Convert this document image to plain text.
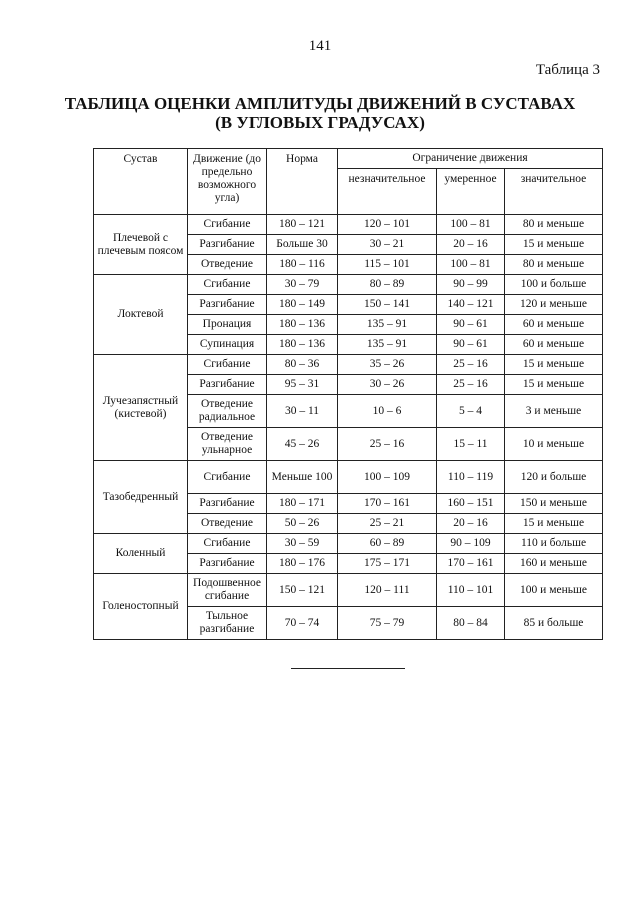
141
Таблица 3
ТАБЛИЦА ОЦЕНКИ АМПЛИТУДЫ ДВИЖЕНИЙ В СУСТАВАХ
(В УГЛОВЫХ ГРАДУСАХ)
Сустав	Движение (до предельно возможного угла)	Норма	Ограничение движения		
			незначительное	умеренное	значительное
Плечевой с плечевым поясом	Сгибание	180 – 121	120 – 101	100 – 81	80 и меньше
	Разгибание	Больше 30	30 – 21	20 – 16	15 и меньше
	Отведение	180 – 116	115 – 101	100 – 81	80 и меньше
Локтевой	Сгибание	30 – 79	80 – 89	90 – 99	100 и больше
	Разгибание	180 – 149	150 – 141	140 – 121	120 и меньше
	Пронация	180 – 136	135 – 91	90 – 61	60 и меньше
	Супинация	180 – 136	135 – 91	90 – 61	60 и меньше
Лучезапястный (кистевой)	Сгибание	80 – 36	35 – 26	25 – 16	15 и меньше
	Разгибание	95 – 31	30 – 26	25 – 16	15 и меньше
	Отведение радиальное	30 – 11	10 – 6	5 – 4	3 и меньше
	Отведение ульнарное	45 – 26	25 – 16	15 – 11	10 и меньше
Тазобедренный	Сгибание	Меньше 100	100 – 109	110 – 119	120 и больше
	Разгибание	180 – 171	170 – 161	160 – 151	150 и меньше
	Отведение	50 – 26	25 – 21	20 – 16	15 и меньше
Коленный	Сгибание	30 – 59	60 – 89	90 – 109	110 и больше
	Разгибание	180 – 176	175 – 171	170 – 161	160 и меньше
Голеностопный	Подошвенное сгибание	150 – 121	120 – 111	110 – 101	100 и меньше
	Тыльное разгибание	70 – 74	75 – 79	80 – 84	85 и больше
